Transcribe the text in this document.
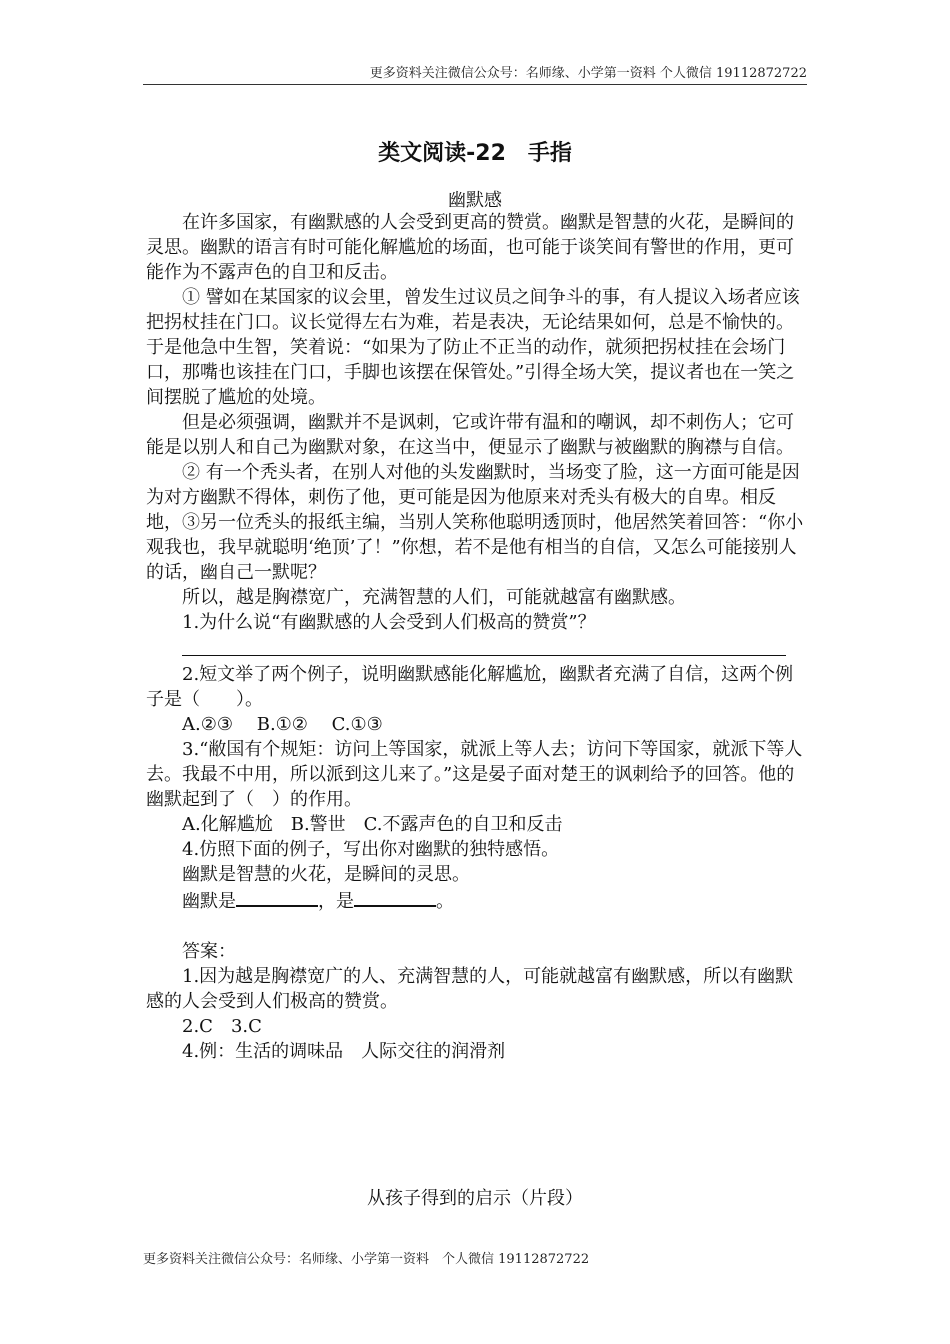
更多资料关注微信公众号：名师缘、小学第一资料 个人微信 19112872722
类文阅读-22　手指
幽默感

在许多国家，有幽默感的人会受到更高的赞赏。幽默是智慧的火花，是瞬间的灵思。幽默的语言有时可能化解尴尬的场面，也可能于谈笑间有警世的作用，更可能作为不露声色的自卫和反击。

① 譬如在某国家的议会里，曾发生过议员之间争斗的事，有人提议入场者应该把拐杖挂在门口。议长觉得左右为难，若是表决，无论结果如何，总是不愉快的。于是他急中生智，笑着说：“如果为了防止不正当的动作，就须把拐杖挂在会场门口，那嘴也该挂在门口，手脚也该摆在保管处。”引得全场大笑，提议者也在一笑之间摆脱了尴尬的处境。

但是必须强调，幽默并不是讽刺，它或许带有温和的嘲讽，却不刺伤人；它可能是以别人和自己为幽默对象，在这当中，便显示了幽默与被幽默的胸襟与自信。

② 有一个秃头者，在别人对他的头发幽默时，当场变了脸，这一方面可能是因为对方幽默不得体，刺伤了他，更可能是因为他原来对秃头有极大的自卑。相反地，③另一位秃头的报纸主编，当别人笑称他聪明透顶时，他居然笑着回答：“你小观我也，我早就聪明‘绝顶’了！”你想，若不是他有相当的自信，又怎么可能接别人的话，幽自己一默呢？

所以，越是胸襟宽广，充满智慧的人们，可能就越富有幽默感。

1.为什么说“有幽默感的人会受到人们极高的赞赏”？

2.短文举了两个例子，说明幽默感能化解尴尬，幽默者充满了自信，这两个例子是（　　）。

A.②③　 B.①②　 C.①③

3.“敝国有个规矩：访问上等国家，就派上等人去；访问下等国家，就派下等人去。我最不中用，所以派到这儿来了。”这是晏子面对楚王的讽刺给予的回答。他的幽默起到了（　）的作用。

A.化解尴尬　B.警世　C.不露声色的自卫和反击

4.仿照下面的例子，写出你对幽默的独特感悟。

幽默是智慧的火花，是瞬间的灵思。

幽默是	，是	。

答案：

1.因为越是胸襟宽广的人、充满智慧的人，可能就越富有幽默感，所以有幽默感的人会受到人们极高的赞赏。

2.C　3.C

4.例：生活的调味品　人际交往的润滑剂

从孩子得到的启示（片段）
更多资料关注微信公众号：名师缘、小学第一资料　个人微信 19112872722
